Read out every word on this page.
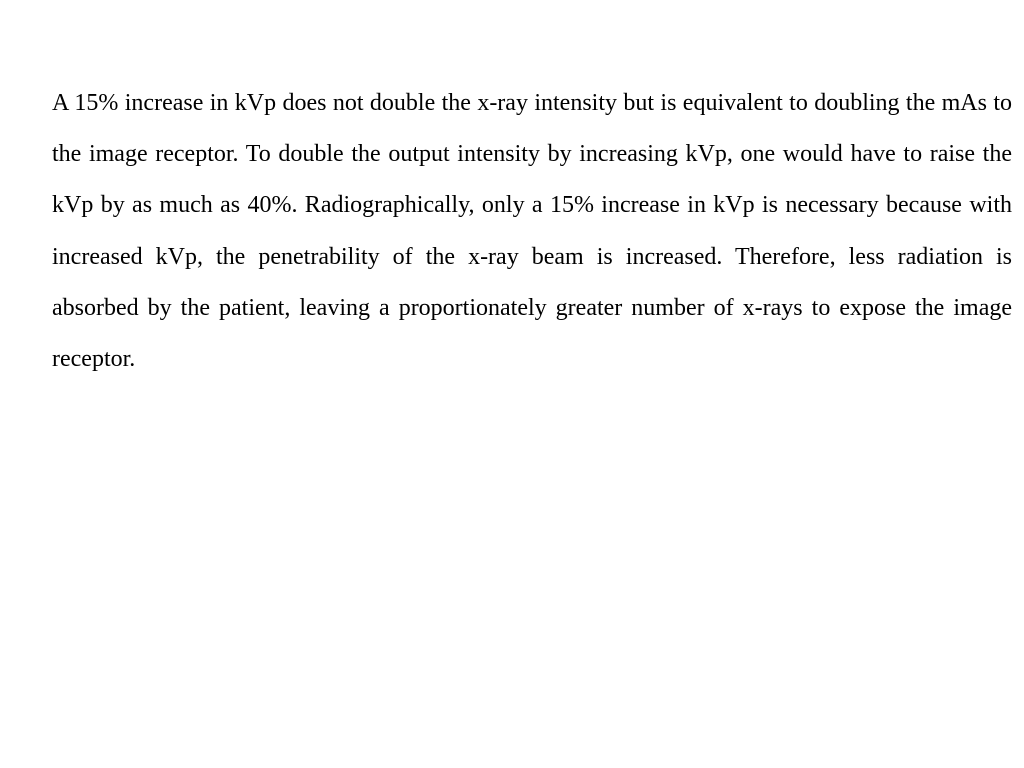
A 15% increase in kVp does not double the x-ray intensity but is equivalent to doubling the mAs to the image receptor. To double the output intensity by increasing kVp, one would have to raise the kVp by as much as 40%. Radiographically, only a 15% increase in kVp is necessary because with increased kVp, the penetrability of the x-ray beam is increased. Therefore, less radiation is absorbed by the patient, leaving a proportionately greater number of x-rays to expose the image receptor.
